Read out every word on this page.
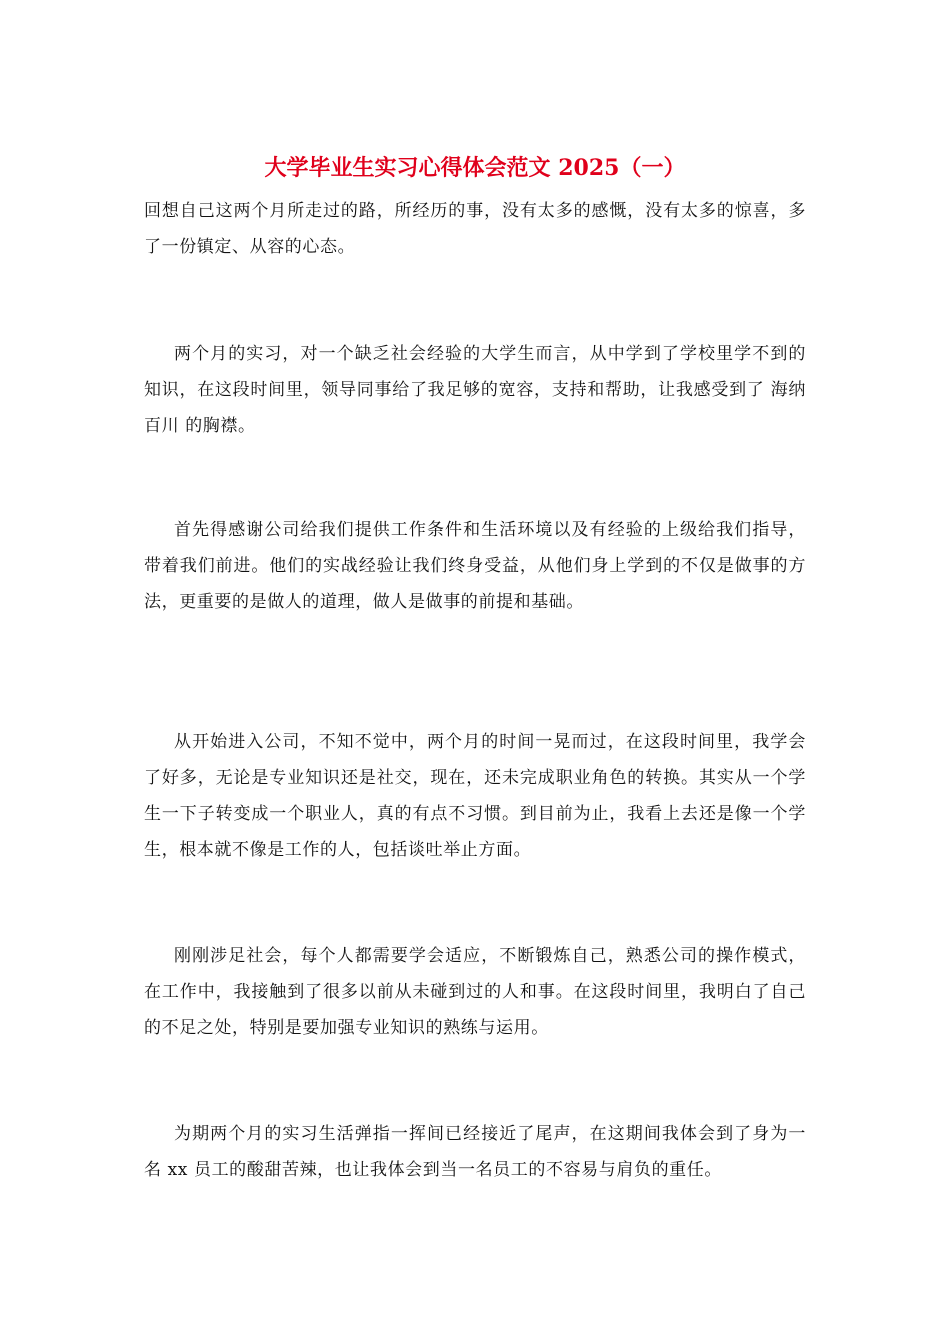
大学毕业生实习心得体会范文 2025（一）

回想自己这两个月所走过的路，所经历的事，没有太多的感慨，没有太多的惊喜，多了一份镇定、从容的心态。

两个月的实习，对一个缺乏社会经验的大学生而言，从中学到了学校里学不到的知识，在这段时间里，领导同事给了我足够的宽容，支持和帮助，让我感受到了 海纳百川 的胸襟。

首先得感谢公司给我们提供工作条件和生活环境以及有经验的上级给我们指导，带着我们前进。他们的实战经验让我们终身受益，从他们身上学到的不仅是做事的方法，更重要的是做人的道理，做人是做事的前提和基础。

从开始进入公司，不知不觉中，两个月的时间一晃而过，在这段时间里，我学会了好多，无论是专业知识还是社交，现在，还未完成职业角色的转换。其实从一个学生一下子转变成一个职业人，真的有点不习惯。到目前为止，我看上去还是像一个学生，根本就不像是工作的人，包括谈吐举止方面。

刚刚涉足社会，每个人都需要学会适应，不断锻炼自己，熟悉公司的操作模式，在工作中，我接触到了很多以前从未碰到过的人和事。在这段时间里，我明白了自己的不足之处，特别是要加强专业知识的熟练与运用。

为期两个月的实习生活弹指一挥间已经接近了尾声，在这期间我体会到了身为一名 xx 员工的酸甜苦辣，也让我体会到当一名员工的不容易与肩负的重任。
